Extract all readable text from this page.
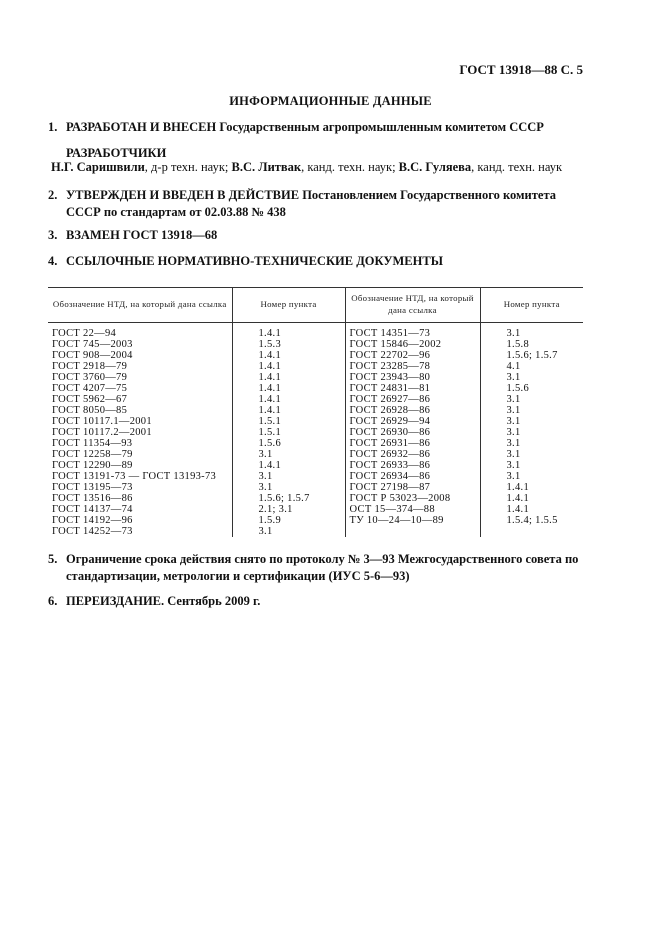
ГОСТ 13918—88 С. 5
ИНФОРМАЦИОННЫЕ ДАННЫЕ
1. РАЗРАБОТАН И ВНЕСЕН Государственным агропромышленным комитетом СССР
РАЗРАБОТЧИКИ
Н.Г. Саришвили, д-р техн. наук; В.С. Литвак, канд. техн. наук; В.С. Гуляева, канд. техн. наук
2. УТВЕРЖДЕН И ВВЕДЕН В ДЕЙСТВИЕ Постановлением Государственного комитета СССР по стандартам от 02.03.88 № 438
3. ВЗАМЕН ГОСТ 13918—68
4. ССЫЛОЧНЫЕ НОРМАТИВНО-ТЕХНИЧЕСКИЕ ДОКУМЕНТЫ
Обозначение НТД, на который дана ссылка	Номер пункта	Обозначение НТД, на который дана ссылка	Номер пункта
ГОСТ 22—94	1.4.1	ГОСТ 14351—73	3.1
ГОСТ 745—2003	1.5.3	ГОСТ 15846—2002	1.5.8
ГОСТ 908—2004	1.4.1	ГОСТ 22702—96	1.5.6; 1.5.7
ГОСТ 2918—79	1.4.1	ГОСТ 23285—78	4.1
ГОСТ 3760—79	1.4.1	ГОСТ 23943—80	3.1
ГОСТ 4207—75	1.4.1	ГОСТ 24831—81	1.5.6
ГОСТ 5962—67	1.4.1	ГОСТ 26927—86	3.1
ГОСТ 8050—85	1.4.1	ГОСТ 26928—86	3.1
ГОСТ 10117.1—2001	1.5.1	ГОСТ 26929—94	3.1
ГОСТ 10117.2—2001	1.5.1	ГОСТ 26930—86	3.1
ГОСТ 11354—93	1.5.6	ГОСТ 26931—86	3.1
ГОСТ 12258—79	3.1	ГОСТ 26932—86	3.1
ГОСТ 12290—89	1.4.1	ГОСТ 26933—86	3.1
ГОСТ 13191-73 — ГОСТ 13193-73	3.1	ГОСТ 26934—86	3.1
ГОСТ 13195—73	3.1	ГОСТ 27198—87	1.4.1
ГОСТ 13516—86	1.5.6; 1.5.7	ГОСТ Р 53023—2008	1.4.1
ГОСТ 14137—74	2.1; 3.1	ОСТ 15—374—88	1.4.1
ГОСТ 14192—96	1.5.9	ТУ 10—24—10—89	1.5.4; 1.5.5
ГОСТ 14252—73	3.1		
5. Ограничение срока действия снято по протоколу № 3—93 Межгосударственного совета по стандартизации, метрологии и сертификации (ИУС 5-6—93)
6. ПЕРЕИЗДАНИЕ. Сентябрь 2009 г.
